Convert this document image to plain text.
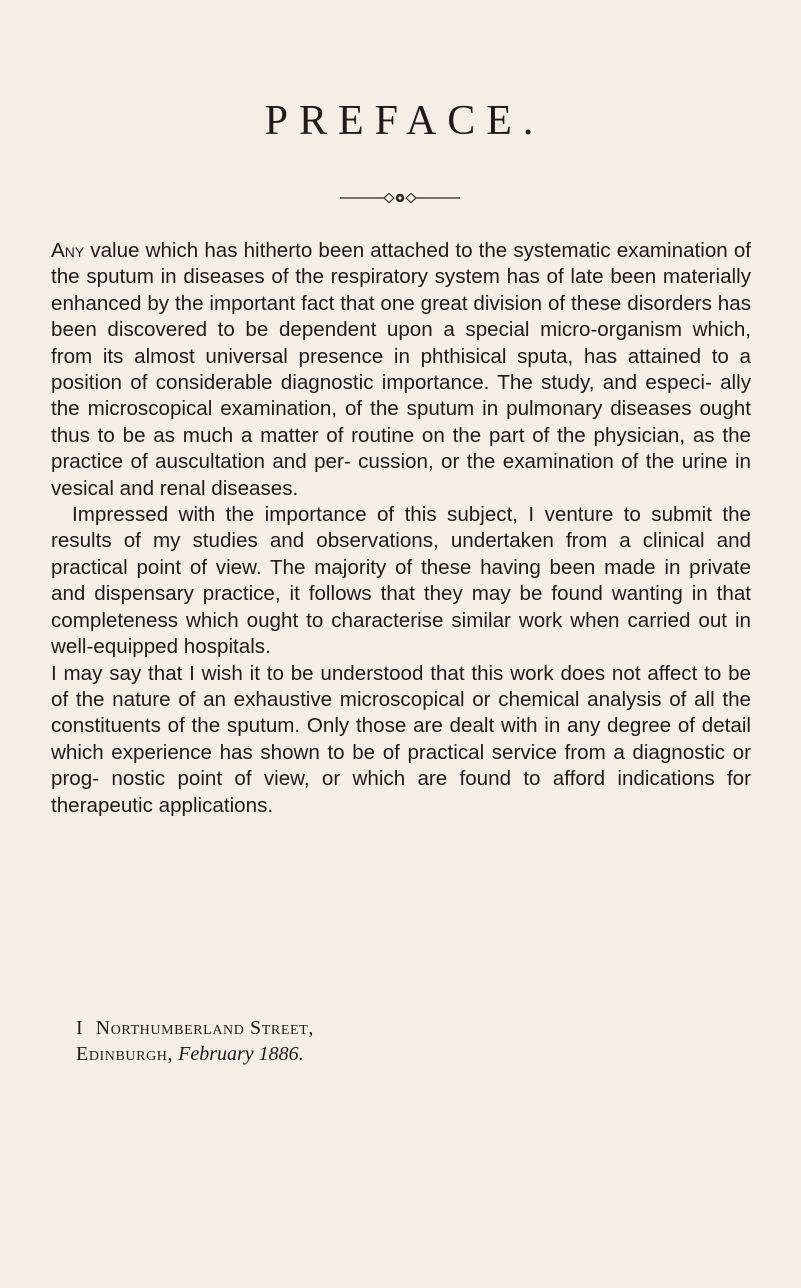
PREFACE.

Any value which has hitherto been attached to the systematic examination of the sputum in diseases of the respiratory system has of late been materially enhanced by the important fact that one great division of these disorders has been discovered to be dependent upon a special micro-organism which, from its almost universal presence in phthisical sputa, has attained to a position of considerable diagnostic importance. The study, and especi- ally the microscopical examination, of the sputum in pulmonary diseases ought thus to be as much a matter of routine on the part of the physician, as the practice of auscultation and per- cussion, or the examination of the urine in vesical and renal diseases.

Impressed with the importance of this subject, I venture to submit the results of my studies and observations, undertaken from a clinical and practical point of view. The majority of these having been made in private and dispensary practice, it follows that they may be found wanting in that completeness which ought to characterise similar work when carried out in well-equipped hospitals.

I may say that I wish it to be understood that this work does not affect to be of the nature of an exhaustive microscopical or chemical analysis of all the constituents of the sputum. Only those are dealt with in any degree of detail which experience has shown to be of practical service from a diagnostic or prog- nostic point of view, or which are found to afford indications for therapeutic applications.

I Northumberland Street,
Edinburgh, February 1886.
